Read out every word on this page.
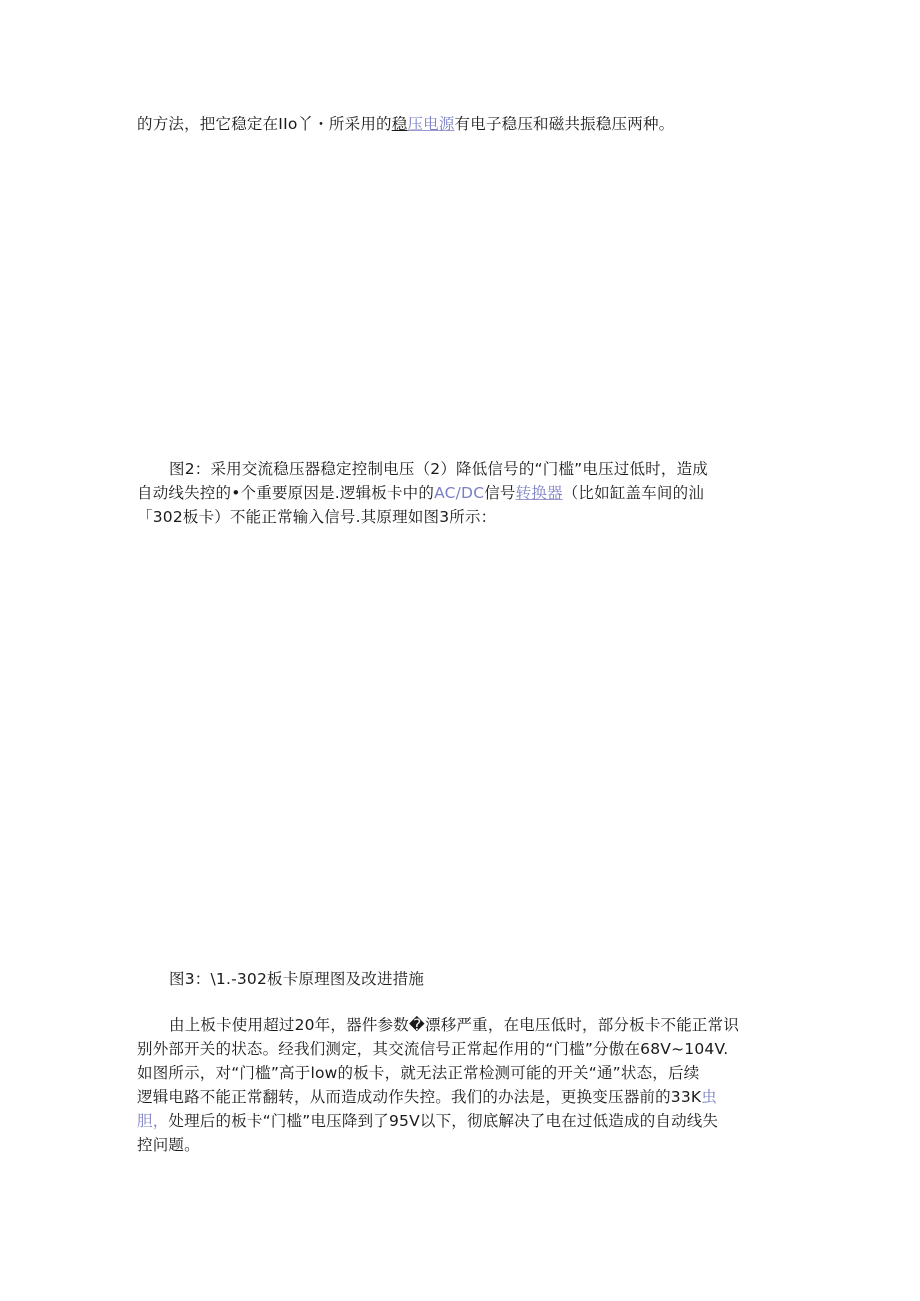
的方法，把它稳定在IIo丫・所采用的稳压电源有电子稳压和磁共振稳压两种。
图2：采用交流稳压器稳定控制电压（2）降低信号的“门槛”电压过低时，造成
自动线失控的•个重要原因是.逻辑板卡中的AC/DC信号转换器（比如缸盖车间的汕
「302板卡）不能正常输入信号.其原理如图3所示：
图3：\1.-302板卡原理图及改进措施
由上板卡使用超过20年，器件参数�漂移严重，在电压低时，部分板卡不能正常识
别外部开关的状态。经我们测定，其交流信号正常起作用的“门槛”分傲在68V~104V.
如图所示，对“门槛”高于low的板卡，就无法正常检测可能的开关“通”状态，后续
逻辑电路不能正常翻转，从而造成动作失控。我们的办法是，更换变压器前的33K虫
胆，处理后的板卡“门槛”电压降到了95V以下，彻底解决了电在过低造成的自动线失
控问题。
